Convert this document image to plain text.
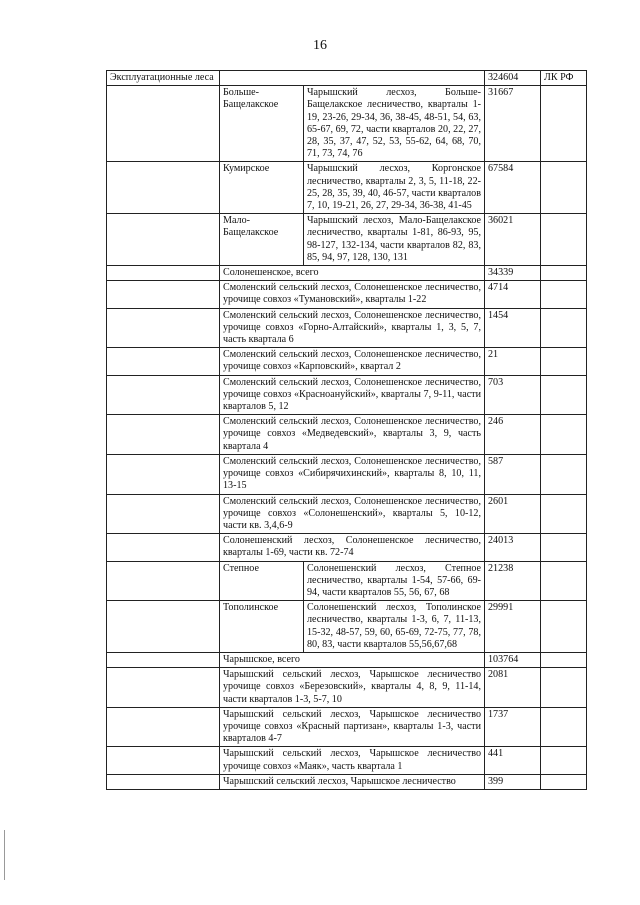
16
Эксплуатационные леса			324604	ЛК РФ
	Больше-Бащелакское	Чарышский лесхоз, Больше-Бащелакское лесничество, кварталы 1-19, 23-26, 29-34, 36, 38-45, 48-51, 54, 63, 65-67, 69, 72, части кварталов 20, 22, 27, 28, 35, 37, 47, 52, 53, 55-62, 64, 68, 70, 71, 73, 74, 76	31667	
	Кумирское	Чарышский лесхоз, Коргонское лесничество, кварталы 2, 3, 5, 11-18, 22-25, 28, 35, 39, 40, 46-57, части кварталов 7, 10, 19-21, 26, 27, 29-34, 36-38, 41-45	67584	
	Мало-Бащелакское	Чарышский лесхоз, Мало-Бащелакское лесничество, кварталы 1-81, 86-93, 95, 98-127, 132-134, части кварталов 82, 83, 85, 94, 97, 128, 130, 131	36021	
	Солонешенское, всего		34339	
	Смоленский сельский лесхоз, Солонешенское лесничество, урочище совхоз «Тумановский», кварталы 1-22		4714	
	Смоленский сельский лесхоз, Солонешенское лесничество, урочище совхоз «Горно-Алтайский», кварталы 1, 3, 5, 7, часть квартала 6		1454	
	Смоленский сельский лесхоз, Солонешенское лесничество, урочище совхоз «Карповский», квартал 2		21	
	Смоленский сельский лесхоз, Солонешенское лесничество, урочище совхоз «Красноануйский», кварталы 7, 9-11, части кварталов 5, 12		703	
	Смоленский сельский лесхоз, Солонешенское лесничество, урочище совхоз «Медведевский», кварталы 3, 9, часть квартала 4		246	
	Смоленский сельский лесхоз, Солонешенское лесничество, урочище совхоз «Сибирячихинский», кварталы 8, 10, 11, 13-15		587	
	Смоленский сельский лесхоз, Солонешенское лесничество, урочище совхоз «Солонешенский», кварталы 5, 10-12, части кв. 3,4,6-9		2601	
	Солонешенский лесхоз, Солонешенское лесничество, кварталы 1-69, части кв. 72-74		24013	
	Степное	Солонешенский лесхоз, Степное лесничество, кварталы 1-54, 57-66, 69-94, части кварталов 55, 56, 67, 68	21238	
	Тополинское	Солонешенский лесхоз, Тополинское лесничество, кварталы 1-3, 6, 7, 11-13, 15-32, 48-57, 59, 60, 65-69, 72-75, 77, 78, 80, 83, части кварталов 55,56,67,68	29991	
	Чарышское, всего		103764	
	Чарышский сельский лесхоз, Чарышское лесничество урочище совхоз «Березовский», кварталы 4, 8, 9, 11-14, части кварталов 1-3, 5-7, 10		2081	
	Чарышский сельский лесхоз, Чарышское лесничество урочище совхоз «Красный партизан», кварталы 1-3, части кварталов 4-7		1737	
	Чарышский сельский лесхоз, Чарышское лесничество урочище совхоз «Маяк», часть квартала 1		441	
	Чарышский сельский лесхоз, Чарышское лесничество		399	
